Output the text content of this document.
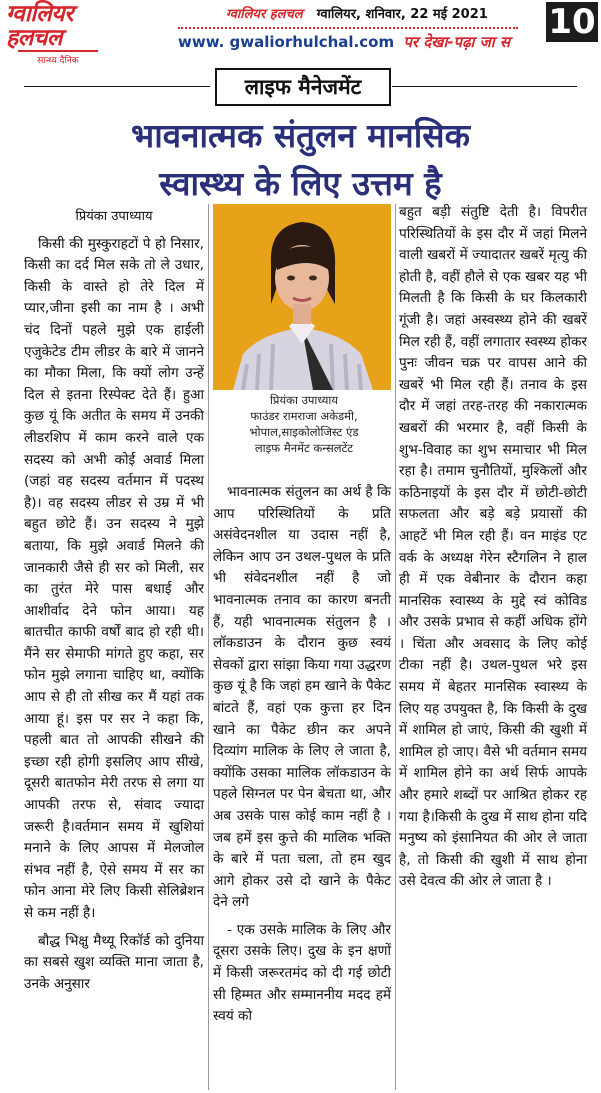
ग्वालियर
हलचल
सान्ध्य दैनिक
ग्वालियर हलचल ग्वालियर, शनिवार, 22 मई 2021
www. gwaliorhulchal.com पर देखा-पढ़ा जा स 10
लाइफ मैनेजमेंट
भावनात्मक संतुलन मानसिक
स्वास्थ्य के लिए उत्तम है

प्रियंका उपाध्याय

किसी की मुस्कुराहटों पे हो निसार, किसी का दर्द मिल सके तो ले उधार, किसी के वास्ते हो तेरे दिल में प्यार,जीना इसी का नाम है । अभी चंद दिनों पहले मुझे एक हाईली एजुकेटेड टीम लीडर के बारे में जानने का मौका मिला, कि क्यों लोग उन्हें दिल से इतना रिस्पेक्ट देते हैं। हुआ कुछ यूं कि अतीत के समय में उनकी लीडरशिप में काम करने वाले एक सदस्य को अभी कोई अवार्ड मिला (जहां वह सदस्य वर्तमान में पदस्थ है)। वह सदस्य लीडर से उम्र में भी बहुत छोटे हैं। उन सदस्य ने मुझे बताया, कि मुझे अवार्ड मिलने की जानकारी जैसे ही सर को मिली, सर का तुरंत मेरे पास बधाई और आशीर्वाद देने फोन आया। यह बातचीत काफी वर्षों बाद हो रही थी। मैंने सर सेमाफी मांगते हुए कहा, सर फोन मुझे लगाना चाहिए था, क्योंकि आप से ही तो सीख कर मैं यहां तक आया हूं। इस पर सर ने कहा कि, पहली बात तो आपकी सीखने की इच्छा रही होगी इसलिए आप सीखे, दूसरी बातफोन मेरी तरफ से लगा या आपकी तरफ से, संवाद ज्यादा जरूरी है।वर्तमान समय में खुशियां मनाने के लिए आपस में मेलजोल संभव नहीं है, ऐसे समय में सर का फोन आना मेरे लिए किसी सेलिब्रेशन से कम नहीं है।

बौद्ध भिक्षु मैथ्यू रिकॉर्ड को दुनिया का सबसे खुश व्यक्ति माना जाता है, उनके अनुसार

प्रियंका उपाध्याय
फाउंडर रामराजा अकेडमी,
भोपाल,साइकोलोजिस्ट एंड
लाइफ मैनमेंट कन्सलटेंट

भावनात्मक संतुलन का अर्थ है कि आप परिस्थितियों के प्रति असंवेदनशील या उदास नहीं है, लेकिन आप उन उथल-पुथल के प्रति भी संवेदनशील नहीं है जो भावनात्मक तनाव का कारण बनती हैं, यही भावनात्मक संतुलन है । लॉकडाउन के दौरान कुछ स्वयं सेवकों द्वारा सांझा किया गया उद्धरण कुछ यूं है कि जहां हम खाने के पैकेट बांटते हैं, वहां एक कुत्ता हर दिन खाने का पैकेट छीन कर अपने दिव्यांग मालिक के लिए ले जाता है, क्योंकि उसका मालिक लॉकडाउन के पहले सिग्नल पर पेन बेचता था, और अब उसके पास कोई काम नहीं है । जब हमें इस कुत्ते की मालिक भक्ति के बारे में पता चला, तो हम खुद आगे होकर उसे दो खाने के पैकेट देने लगे

- एक उसके मालिक के लिए और दूसरा उसके लिए। दुख के इन क्षणों में किसी जरूरतमंद को दी गई छोटी सी हिम्मत और सम्माननीय मदद हमें स्वयं को

बहुत बड़ी संतुष्टि देती है। विपरीत परिस्थितियों के इस दौर में जहां मिलने वाली खबरों में ज्यादातर खबरें मृत्यु की होती है, वहीं हौले से एक खबर यह भी मिलती है कि किसी के घर किलकारी गूंजी है। जहां अस्वस्थ्य होने की खबरें मिल रही हैं, वहीं लगातार स्वस्थ्य होकर पुनः जीवन चक्र पर वापस आने की खबरें भी मिल रही हैं। तनाव के इस दौर में जहां तरह-तरह की नकारात्मक खबरों की भरमार है, वहीं किसी के शुभ-विवाह का शुभ समाचार भी मिल रहा है। तमाम चुनौतियों, मुश्किलों और कठिनाइयों के इस दौर में छोटी-छोटी सफलता और बड़े बड़े प्रयासों की आहटें भी मिल रही हैं। वन माइंड एट वर्क के अध्यक्ष गेरेन स्टैगलिन ने हाल ही में एक वेबीनार के दौरान कहा मानसिक स्वास्थ्य के मुद्दे स्वं कोविड और उसके प्रभाव से कहीं अधिक होंगे । चिंता और अवसाद के लिए कोई टीका नहीं है। उथल-पुथल भरे इस समय में बेहतर मानसिक स्वास्थ्य के लिए यह उपयुक्त है, कि किसी के दुख में शामिल हो जाएं, किसी की खुशी में शामिल हो जाए। वैसे भी वर्तमान समय में शामिल होने का अर्थ सिर्फ आपके और हमारे शब्दों पर आश्रित होकर रह गया है।किसी के दुख में साथ होना यदि मनुष्य को इंसानियत की ओर ले जाता है, तो किसी की खुशी में साथ होना उसे देवत्व की ओर ले जाता है ।
